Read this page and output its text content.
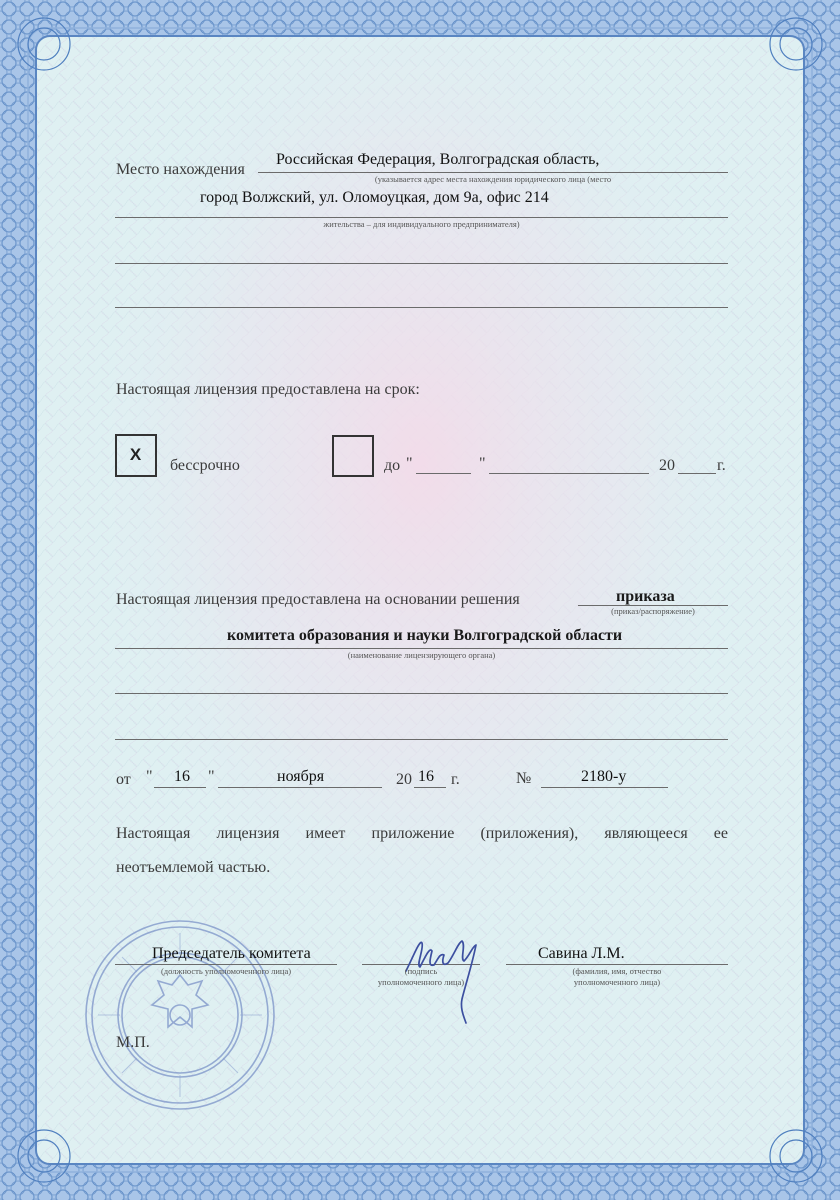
Место нахождения
Российская Федерация, Волгоградская область,
(указывается адрес места нахождения юридического лица (место
город Волжский, ул. Оломоуцкая, дом 9а, офис 214
жительства – для индивидуального предпринимателя)
Настоящая лицензия предоставлена на срок:
X
бессрочно	до "	"	20	г.
Настоящая лицензия предоставлена на основании решения	приказа
(приказ/распоряжение)
комитета образования и науки Волгоградской области
(наименование лицензирующего органа)
от " 16 "	ноября	20 16 г.	№	2180-у
Настоящая лицензия имеет приложение (приложения), являющееся ее
неотъемлемой частью.
Председатель комитета
(должность уполномоченного лица)	(подпись
уполномоченного лица)
Савина Л.М.
(фамилия, имя, отчество
уполномоченного лица)
М.П.
